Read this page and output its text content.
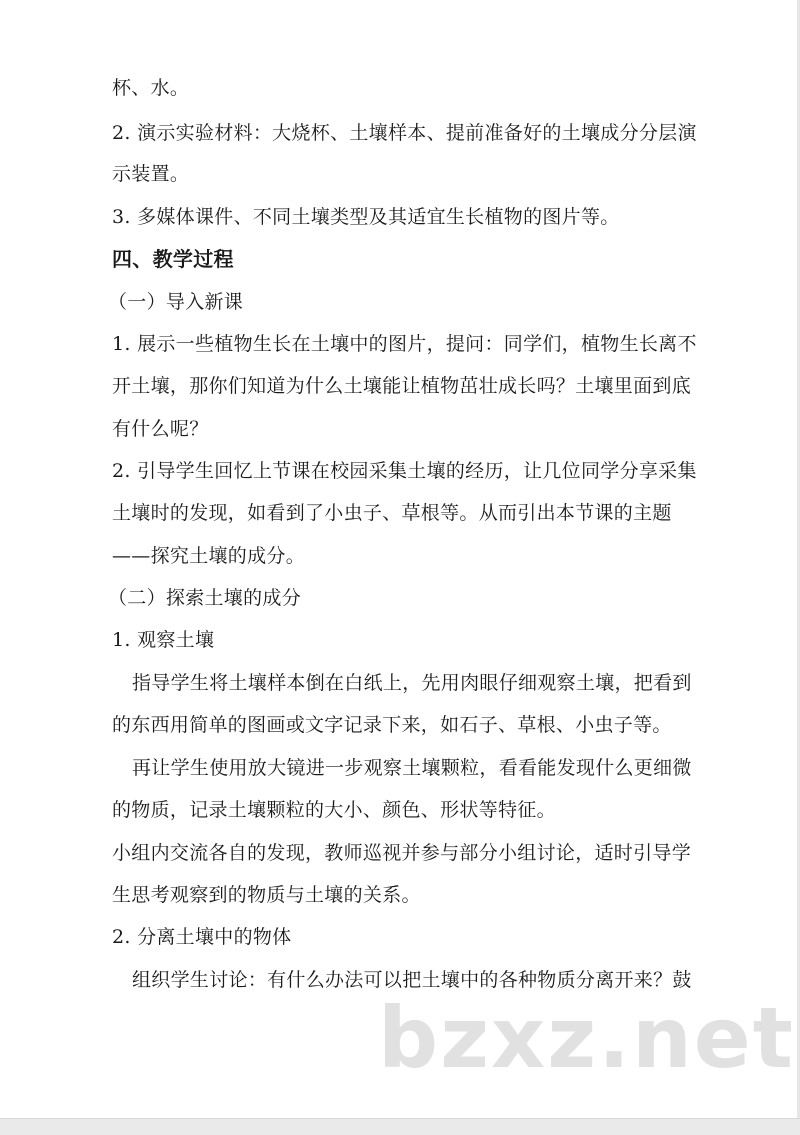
杯、水。
2. 演示实验材料：大烧杯、土壤样本、提前准备好的土壤成分分层演
示装置。
3. 多媒体课件、不同土壤类型及其适宜生长植物的图片等。
四、教学过程
（一）导入新课
1. 展示一些植物生长在土壤中的图片，提问：同学们，植物生长离不
开土壤，那你们知道为什么土壤能让植物茁壮成长吗？土壤里面到底
有什么呢？
2. 引导学生回忆上节课在校园采集土壤的经历，让几位同学分享采集
土壤时的发现，如看到了小虫子、草根等。从而引出本节课的主题
——探究土壤的成分。
（二）探索土壤的成分
1. 观察土壤
指导学生将土壤样本倒在白纸上，先用肉眼仔细观察土壤，把看到
的东西用简单的图画或文字记录下来，如石子、草根、小虫子等。
再让学生使用放大镜进一步观察土壤颗粒，看看能发现什么更细微
的物质，记录土壤颗粒的大小、颜色、形状等特征。
小组内交流各自的发现，教师巡视并参与部分小组讨论，适时引导学
生思考观察到的物质与土壤的关系。
2. 分离土壤中的物体
组织学生讨论：有什么办法可以把土壤中的各种物质分离开来？鼓
bzxz.net
